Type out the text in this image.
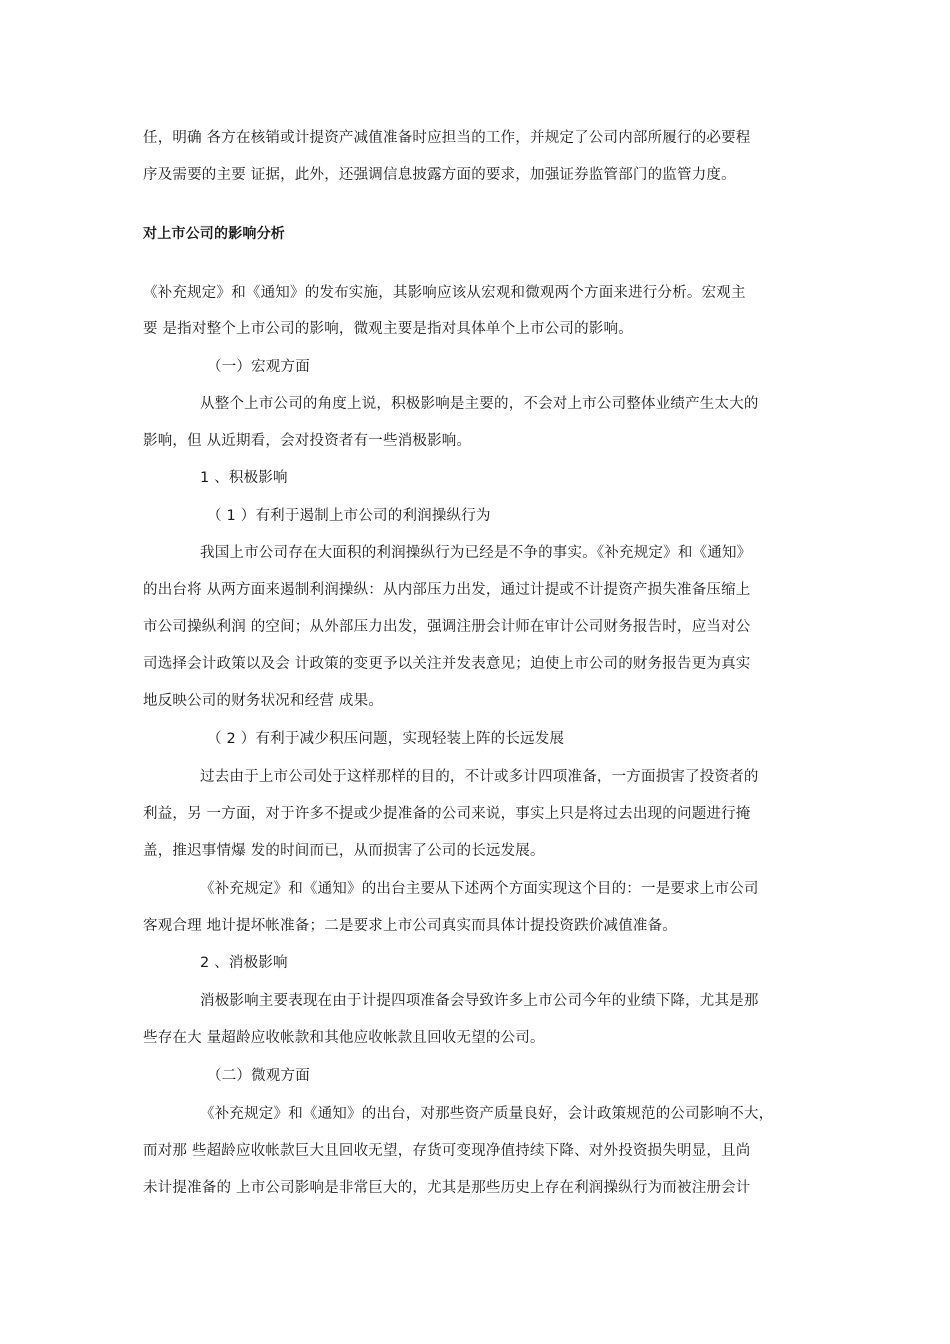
任，明确 各方在核销或计提资产减值准备时应担当的工作，并规定了公司内部所履行的必要程
序及需要的主要 证据，此外，还强调信息披露方面的要求，加强证券监管部门的监管力度。
对上市公司的影响分析
《补充规定》和《通知》的发布实施，其影响应该从宏观和微观两个方面来进行分析。宏观主
要 是指对整个上市公司的影响，微观主要是指对具体单个上市公司的影响。
（一）宏观方面
从整个上市公司的角度上说，积极影响是主要的，不会对上市公司整体业绩产生太大的
影响，但 从近期看，会对投资者有一些消极影响。
1 、积极影响
（ 1 ）有利于遏制上市公司的利润操纵行为
我国上市公司存在大面积的利润操纵行为已经是不争的事实。《补充规定》和《通知》
的出台将 从两方面来遏制利润操纵：从内部压力出发，通过计提或不计提资产损失准备压缩上
市公司操纵利润 的空间；从外部压力出发，强调注册会计师在审计公司财务报告时，应当对公
司选择会计政策以及会 计政策的变更予以关注并发表意见；迫使上市公司的财务报告更为真实
地反映公司的财务状况和经营 成果。
（ 2 ）有利于减少积压问题，实现轻装上阵的长远发展
过去由于上市公司处于这样那样的目的，不计或多计四项准备，一方面损害了投资者的
利益，另 一方面，对于许多不提或少提准备的公司来说，事实上只是将过去出现的问题进行掩
盖，推迟事情爆 发的时间而已，从而损害了公司的长远发展。
《补充规定》和《通知》的出台主要从下述两个方面实现这个目的：一是要求上市公司
客观合理 地计提坏帐准备；二是要求上市公司真实而具体计提投资跌价减值准备。
2 、消极影响
消极影响主要表现在由于计提四项准备会导致许多上市公司今年的业绩下降，尤其是那
些存在大 量超龄应收帐款和其他应收帐款且回收无望的公司。
（二）微观方面
《补充规定》和《通知》的出台，对那些资产质量良好，会计政策规范的公司影响不大，
而对那 些超龄应收帐款巨大且回收无望，存货可变现净值持续下降、对外投资损失明显，且尚
未计提准备的 上市公司影响是非常巨大的，尤其是那些历史上存在利润操纵行为而被注册会计
